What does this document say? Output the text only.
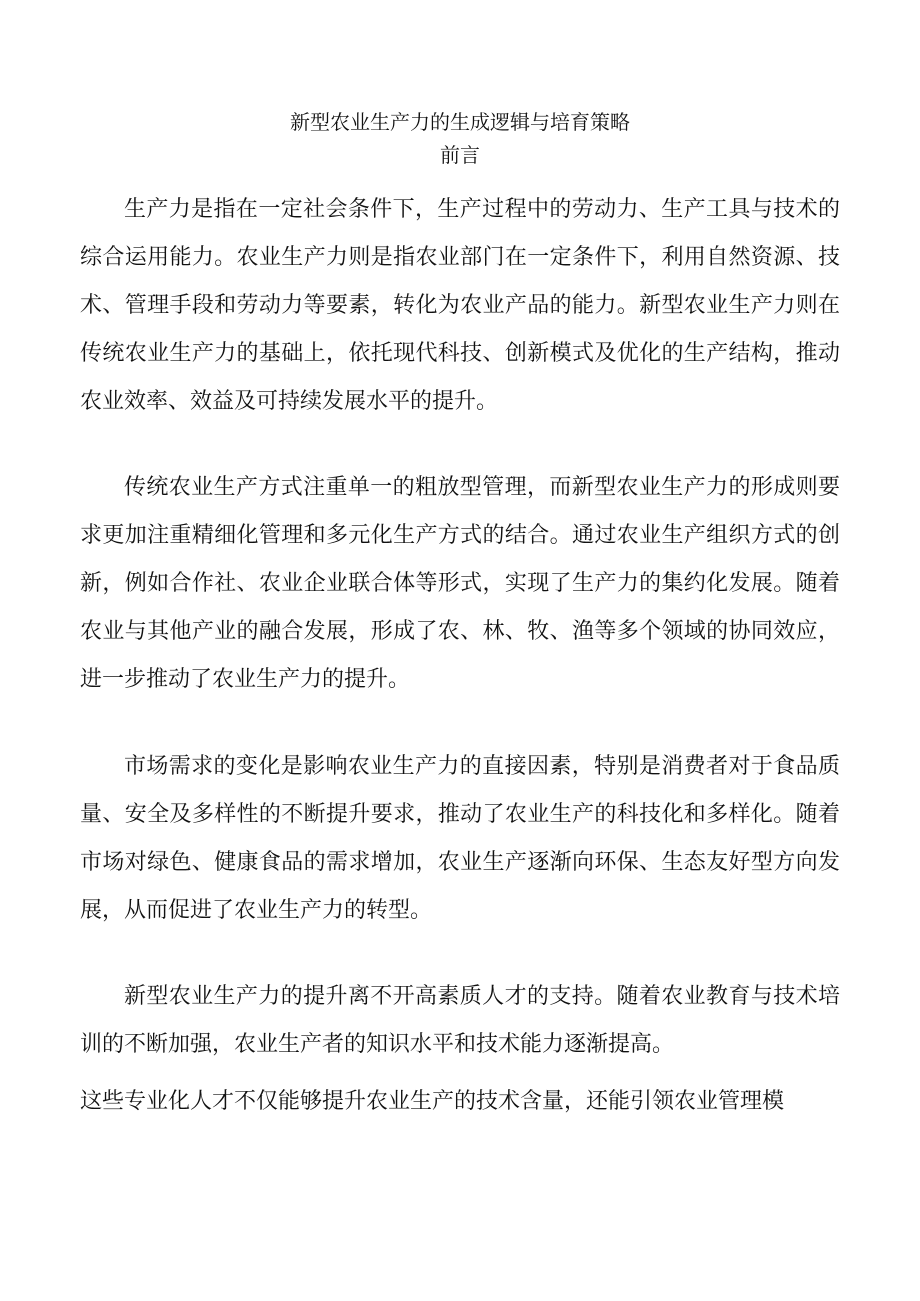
新型农业生产力的生成逻辑与培育策略
前言

生产力是指在一定社会条件下，生产过程中的劳动力、生产工具与技术的综合运用能力。农业生产力则是指农业部门在一定条件下，利用自然资源、技术、管理手段和劳动力等要素，转化为农业产品的能力。新型农业生产力则在传统农业生产力的基础上，依托现代科技、创新模式及优化的生产结构，推动农业效率、效益及可持续发展水平的提升。

传统农业生产方式注重单一的粗放型管理，而新型农业生产力的形成则要求更加注重精细化管理和多元化生产方式的结合。通过农业生产组织方式的创新，例如合作社、农业企业联合体等形式，实现了生产力的集约化发展。随着农业与其他产业的融合发展，形成了农、林、牧、渔等多个领域的协同效应，进一步推动了农业生产力的提升。

市场需求的变化是影响农业生产力的直接因素，特别是消费者对于食品质量、安全及多样性的不断提升要求，推动了农业生产的科技化和多样化。随着市场对绿色、健康食品的需求增加，农业生产逐渐向环保、生态友好型方向发展，从而促进了农业生产力的转型。

新型农业生产力的提升离不开高素质人才的支持。随着农业教育与技术培训的不断加强，农业生产者的知识水平和技术能力逐渐提高。

这些专业化人才不仅能够提升农业生产的技术含量，还能引领农业管理模
